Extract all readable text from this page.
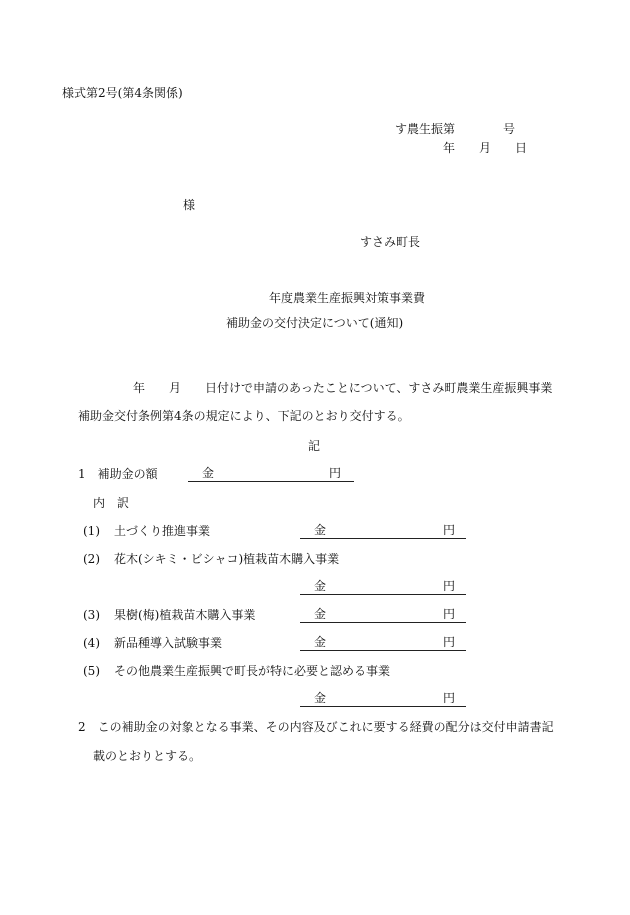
様式第2号(第4条関係)
す農生振第　　　　号
年　　月　　日
様
すさみ町長
年度農業生産振興対策事業費
補助金の交付決定について(通知)
年　　月　　日付けで申請のあったことについて、すさみ町農業生産振興事業
補助金交付条例第4条の規定により、下記のとおり交付する。
記
1　補助金の額	金	円
内　訳
(1) 土づくり推進事業	金	円
(2) 花木(シキミ・ビシャコ)植栽苗木購入事業
金	円
(3) 果樹(梅)植栽苗木購入事業	金	円
(4) 新品種導入試験事業	金	円
(5) その他農業生産振興で町長が特に必要と認める事業
金	円
2　この補助金の対象となる事業、その内容及びこれに要する経費の配分は交付申請書記
載のとおりとする。
